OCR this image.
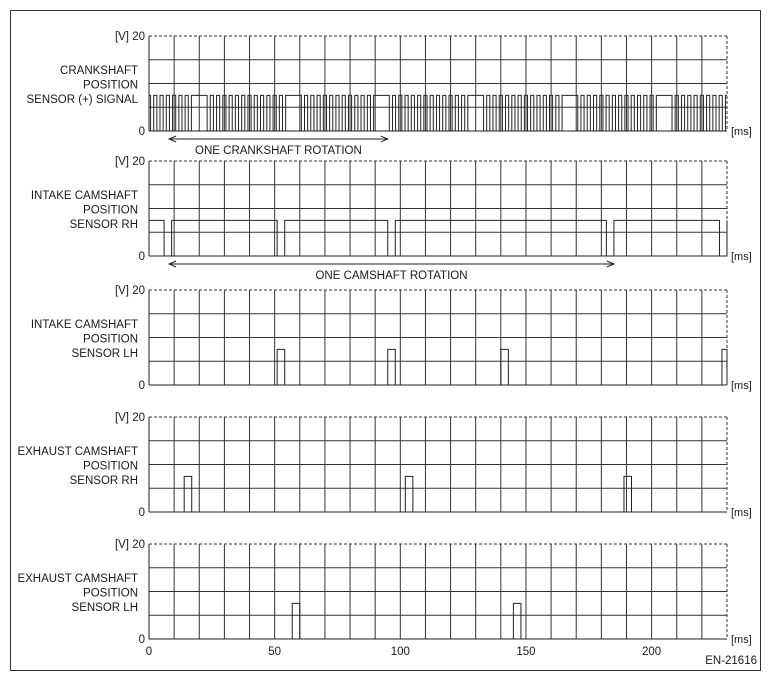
[V] 20
0	[ms]
CRANKSHAFT POSITION SENSOR (+) SIGNAL
ONE CRANKSHAFT ROTATION
[V] 20
0	[ms]
INTAKE CAMSHAFT POSITION SENSOR RH
ONE CAMSHAFT ROTATION
[V] 20
0	[ms]
INTAKE CAMSHAFT POSITION SENSOR LH
[V] 20
0	[ms]
EXHAUST CAMSHAFT POSITION SENSOR RH
[V] 20
0	[ms]
EXHAUST CAMSHAFT POSITION SENSOR LH
0	50	100	150	200
EN-21616
